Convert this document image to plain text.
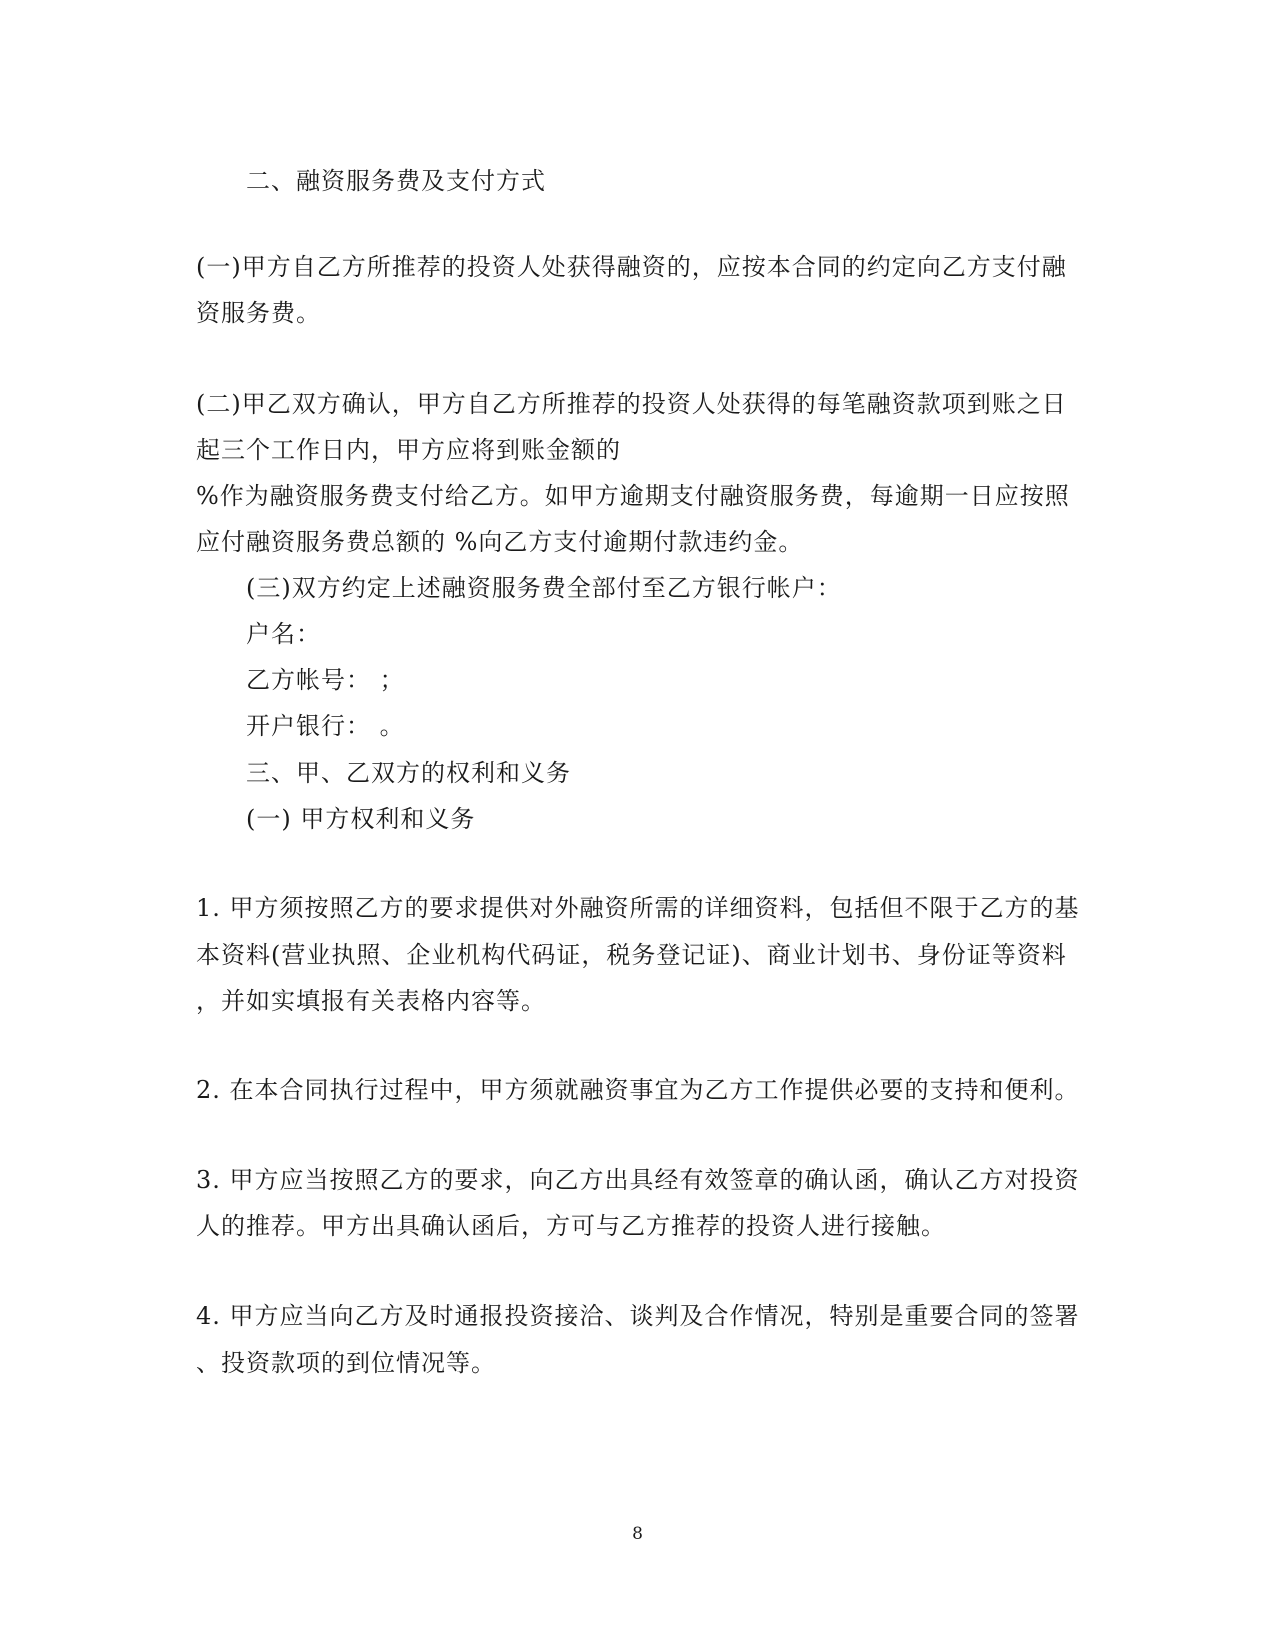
二、融资服务费及支付方式
(一)甲方自乙方所推荐的投资人处获得融资的，应按本合同的约定向乙方支付融
资服务费。
(二)甲乙双方确认，甲方自乙方所推荐的投资人处获得的每笔融资款项到账之日
起三个工作日内，甲方应将到账金额的
%作为融资服务费支付给乙方。如甲方逾期支付融资服务费，每逾期一日应按照
应付融资服务费总额的 %向乙方支付逾期付款违约金。
(三)双方约定上述融资服务费全部付至乙方银行帐户：
户名：
乙方帐号： ；
开户银行： 。
三、甲、乙双方的权利和义务
(一) 甲方权利和义务
1. 甲方须按照乙方的要求提供对外融资所需的详细资料，包括但不限于乙方的基
本资料(营业执照、企业机构代码证，税务登记证)、商业计划书、身份证等资料
，并如实填报有关表格内容等。
2. 在本合同执行过程中，甲方须就融资事宜为乙方工作提供必要的支持和便利。
3. 甲方应当按照乙方的要求，向乙方出具经有效签章的确认函，确认乙方对投资
人的推荐。甲方出具确认函后，方可与乙方推荐的投资人进行接触。
4. 甲方应当向乙方及时通报投资接洽、谈判及合作情况，特别是重要合同的签署
、投资款项的到位情况等。
8
